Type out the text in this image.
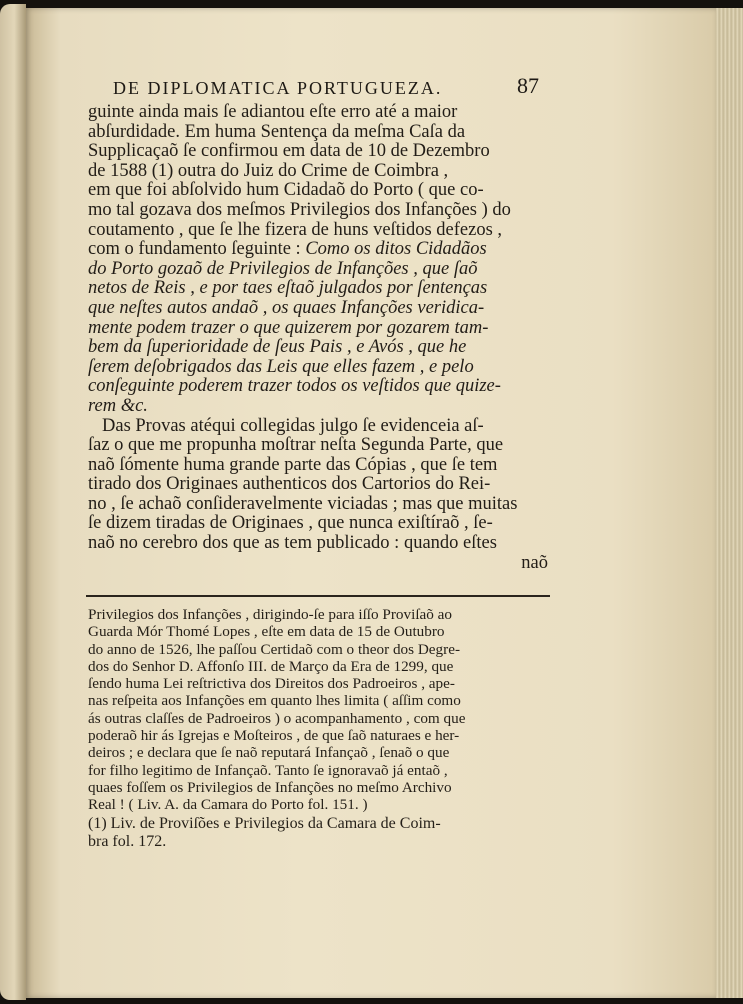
DE DIPLOMATICA PORTUGUEZA.	87
guinte ainda mais ſe adiantou eſte erro até a maior
abſurdidade. Em huma Sentença da meſma Caſa da
Supplicaçaõ ſe confirmou em data de 10 de Dezembro
de 1588 (1) outra do Juiz do Crime de Coimbra ,
em que foi abſolvido hum Cidadaõ do Porto ( que co-
mo tal gozava dos meſmos Privilegios dos Infanções ) do
coutamento , que ſe lhe fizera de huns veſtidos defezos ,
com o fundamento ſeguinte : Como os ditos Cidadãos
do Porto gozaõ de Privilegios de Infanções , que ſaõ
netos de Reis , e por taes eſtaõ julgados por ſentenças
que neſtes autos andaõ , os quaes Infanções veridica-
mente podem trazer o que quizerem por gozarem tam-
bem da ſuperioridade de ſeus Pais , e Avós , que he
ſerem deſobrigados das Leis que elles fazem , e pelo
conſeguinte poderem trazer todos os veſtidos que quize-
rem &c.
Das Provas atéqui collegidas julgo ſe evidenceia aſ-
ſaz o que me propunha moſtrar neſta Segunda Parte, que
naõ ſómente huma grande parte das Cópias , que ſe tem
tirado dos Originaes authenticos dos Cartorios do Rei-
no , ſe achaõ conſideravelmente viciadas ; mas que muitas
ſe dizem tiradas de Originaes , que nunca exiſtíraõ , ſe-
naõ no cerebro dos que as tem publicado : quando eſtes
naõ
Privilegios dos Infanções , dirigindo-ſe para iſſo Proviſaõ ao
Guarda Mór Thomé Lopes , eſte em data de 15 de Outubro
do anno de 1526, lhe paſſou Certidaõ com o theor dos Degre-
dos do Senhor D. Affonſo III. de Março da Era de 1299, que
ſendo huma Lei reſtrictiva dos Direitos dos Padroeiros , ape-
nas reſpeita aos Infanções em quanto lhes limita ( aſſim como
ás outras claſſes de Padroeiros ) o acompanhamento , com que
poderaõ hir ás Igrejas e Moſteiros , de que ſaõ naturaes e her-
deiros ; e declara que ſe naõ reputará Infançaõ , ſenaõ o que
for filho legitimo de Infançaõ. Tanto ſe ignoravaõ já entaõ ,
quaes foſſem os Privilegios de Infanções no meſmo Archivo
Real ! ( Liv. A. da Camara do Porto fol. 151. )
(1) Liv. de Proviſões e Privilegios da Camara de Coim-
bra fol. 172.
